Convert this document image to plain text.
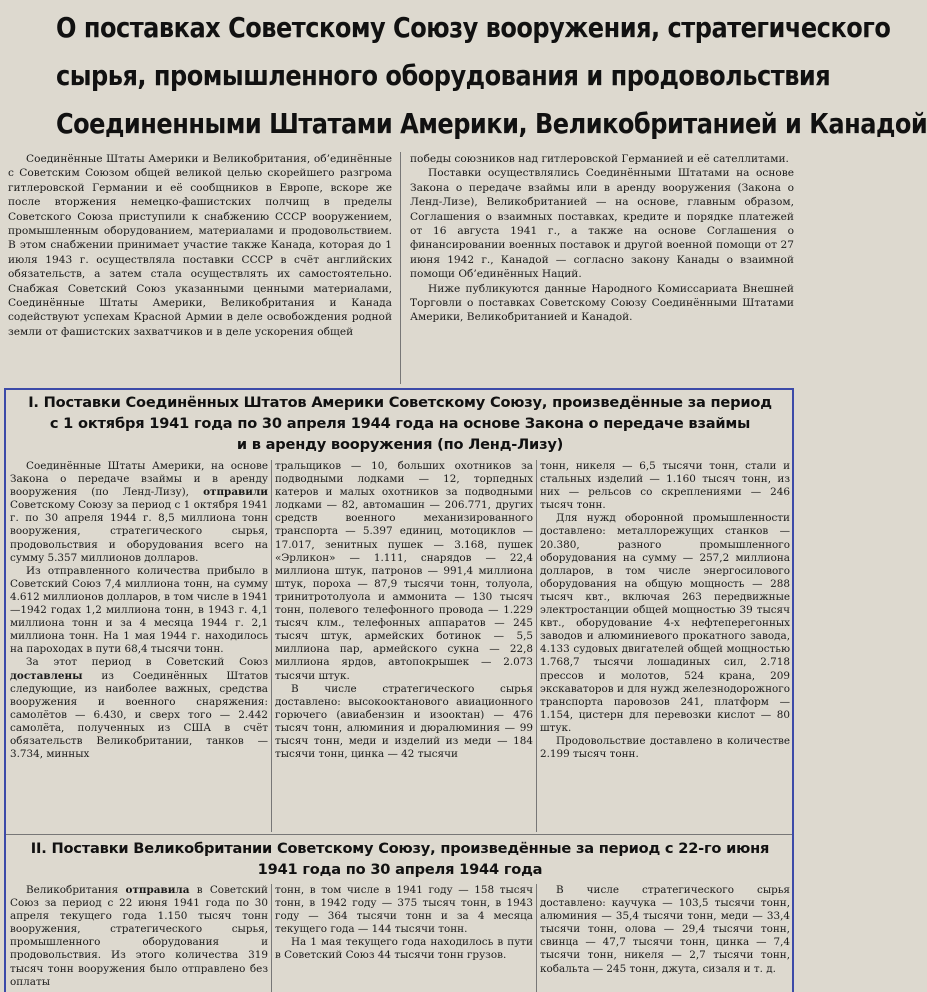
О поставках Советскому Союзу вооружения, стратегического
сырья, промышленного оборудования и продовольствия
Соединенными Штатами Америки, Великобританией и Канадой

Соединённые Штаты Америки и Великобритания, об’единённые с Советским Союзом общей великой целью скорейшего разгрома гитлеровской Германии и её сообщников в Европе, вскоре же после вторжения немецко-фашистских полчищ в пределы Советского Союза приступили к снабжению СССР вооружением, промышленным оборудованием, материалами и продовольствием. В этом снабжении принимает участие также Канада, которая до 1 июля 1943 г. осуществляла поставки СССР в счёт английских обязательств, а затем стала осуществлять их самостоятельно. Снабжая Советский Союз указанными ценными материалами, Соединённые Штаты Америки, Великобритания и Канада содействуют успехам Красной Армии в деле освобождения родной земли от фашистских захватчиков и в деле ускорения общей

победы союзников над гитлеровской Германией и её сателлитами.

Поставки осуществлялись Соединёнными Штатами на основе Закона о передаче взаймы или в аренду вооружения (Закона о Ленд-Лизе), Великобританией — на основе, главным образом, Соглашения о взаимных поставках, кредите и порядке платежей от 16 августа 1941 г., а также на основе Соглашения о финансировании военных поставок и другой военной помощи от 27 июня 1942 г., Канадой — согласно закону Канады о взаимной помощи Об’единённых Наций.

Ниже публикуются данные Народного Комиссариата Внешней Торговли о поставках Советскому Союзу Соединёнными Штатами Америки, Великобританией и Канадой.

I. Поставки Соединённых Штатов Америки Советскому Союзу, произведённые за период
с 1 октября 1941 года по 30 апреля 1944 года на основе Закона о передаче взаймы
и в аренду вооружения (по Ленд-Лизу)

Соединённые Штаты Америки, на основе Закона о передаче взаймы и в аренду вооружения (по Ленд-Лизу), отправили Советскому Союзу за период с 1 октября 1941 г. по 30 апреля 1944 г. 8,5 миллиона тонн вооружения, стратегического сырья, продовольствия и оборудования всего на сумму 5.357 миллионов долларов.

Из отправленного количества прибыло в Советский Союз 7,4 миллиона тонн, на сумму 4.612 миллионов долларов, в том числе в 1941—1942 годах 1,2 миллиона тонн, в 1943 г. 4,1 миллиона тонн и за 4 месяца 1944 г. 2,1 миллиона тонн. На 1 мая 1944 г. находилось на пароходах в пути 68,4 тысячи тонн.

За этот период в Советский Союз доставлены из Соединённых Штатов следующие, из наиболее важных, средства вооружения и военного снаряжения: самолётов — 6.430, и сверх того — 2.442 самолёта, полученных из США в счёт обязательств Великобритании, танков — 3.734, минных

тральщиков — 10, больших охотников за подводными лодками — 12, торпедных катеров и малых охотников за подводными лодками — 82, автомашин — 206.771, других средств военного механизированного транспорта — 5.397 единиц, мотоциклов — 17.017, зенитных пушек — 3.168, пушек «Эрликон» — 1.111, снарядов — 22,4 миллиона штук, патронов — 991,4 миллиона штук, пороха — 87,9 тысячи тонн, толуола, тринитротолуола и аммонита — 130 тысяч тонн, полевого телефонного провода — 1.229 тысяч клм., телефонных аппаратов — 245 тысяч штук, армейских ботинок — 5,5 миллиона пар, армейского сукна — 22,8 миллиона ярдов, автопокрышек — 2.073 тысячи штук.

В числе стратегического сырья доставлено: высокооктанового авиационного горючего (авиабензин и изооктан) — 476 тысяч тонн, алюминия и дюралюминия — 99 тысяч тонн, меди и изделий из меди — 184 тысячи тонн, цинка — 42 тысячи

тонн, никеля — 6,5 тысячи тонн, стали и стальных изделий — 1.160 тысяч тонн, из них — рельсов со скреплениями — 246 тысяч тонн.

Для нужд оборонной промышленности доставлено: металлорежущих станков — 20.380, разного промышленного оборудования на сумму — 257,2 миллиона долларов, в том числе энергосилового оборудования на общую мощность — 288 тысяч квт., включая 263 передвижные электростанции общей мощностью 39 тысяч квт., оборудование 4-х нефтеперегонных заводов и алюминиевого прокатного завода, 4.133 судовых двигателей общей мощностью 1.768,7 тысячи лошадиных сил, 2.718 прессов и молотов, 524 крана, 209 экскаваторов и для нужд железнодорожного транспорта паровозов 241, платформ — 1.154, цистерн для перевозки кислот — 80 штук.

Продовольствие доставлено в количестве 2.199 тысяч тонн.

II. Поставки Великобритании Советскому Союзу, произведённые за период с 22-го июня
1941 года по 30 апреля 1944 года

Великобритания отправила в Советский Союз за период с 22 июня 1941 года по 30 апреля текущего года 1.150 тысяч тонн вооружения, стратегического сырья, промышленного оборудования и продовольствия. Из этого количества 319 тысяч тонн вооружения было отправлено без оплаты

тонн, в том числе в 1941 году — 158 тысяч тонн, в 1942 году — 375 тысяч тонн, в 1943 году — 364 тысячи тонн и за 4 месяца текущего года — 144 тысячи тонн.

На 1 мая текущего года находилось в пути в Советский Союз 44 тысячи тонн грузов.

В числе стратегического сырья доставлено: каучука — 103,5 тысячи тонн, алюминия — 35,4 тысячи тонн, меди — 33,4 тысячи тонн, олова — 29,4 тысячи тонн, свинца — 47,7 тысячи тонн, цинка — 7,4 тысячи тонн, никеля — 2,7 тысячи тонн, кобальта — 245 тонн, джута, сизаля и т. д.
